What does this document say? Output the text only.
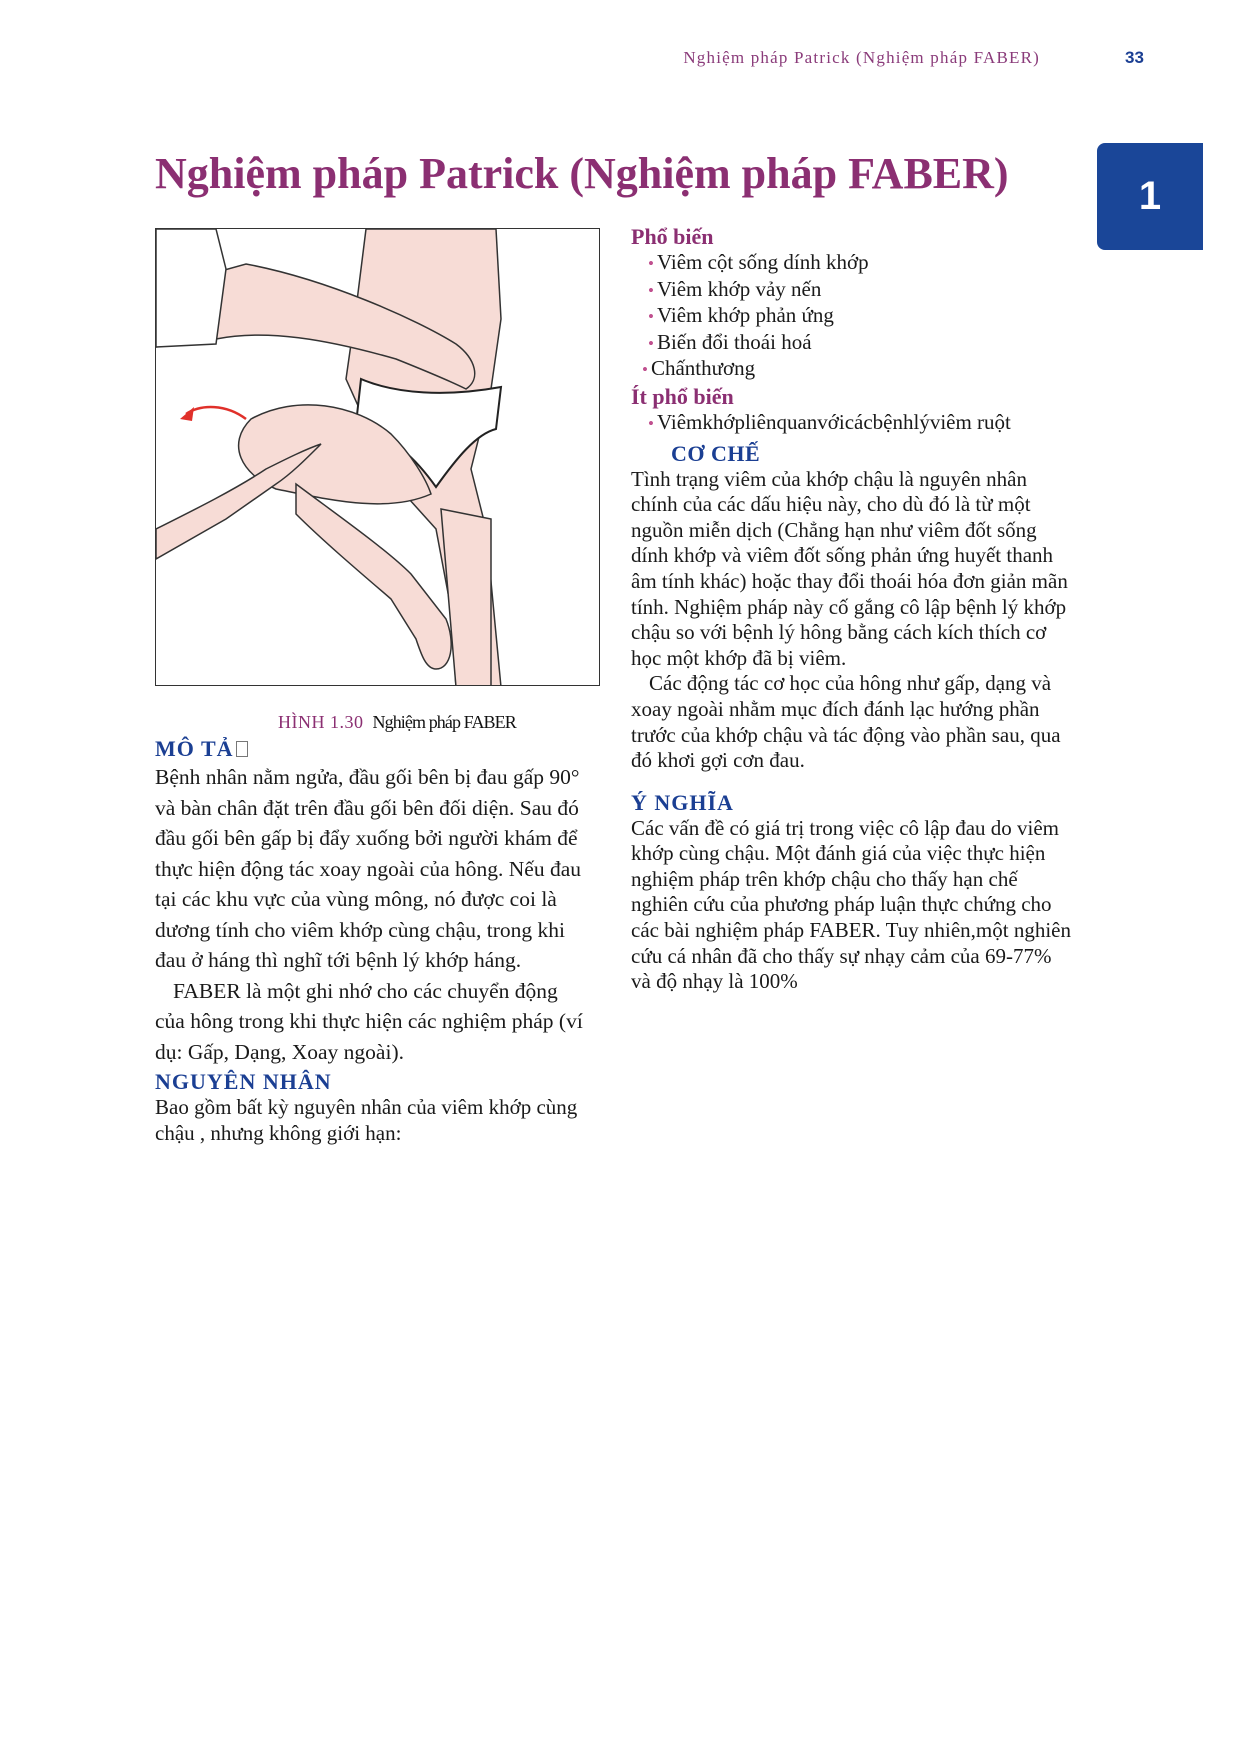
Nghiệm pháp Patrick (Nghiệm pháp FABER)	33
1
Nghiệm pháp Patrick (Nghiệm pháp FABER)
HÌNH 1.30 Nghiệm pháp FABER
MÔ TẢ

Bệnh nhân nằm ngửa, đầu gối bên bị đau gấp 90° và bàn chân đặt trên đầu gối bên đối diện. Sau đó đầu gối bên gấp bị đẩy xuống bởi người khám để thực hiện động tác xoay ngoài của hông. Nếu đau tại các khu vực của vùng mông, nó được coi là dương tính cho viêm khớp cùng chậu, trong khi đau ở háng thì nghĩ tới bệnh lý khớp háng.

FABER là một ghi nhớ cho các chuyển động của hông trong khi thực hiện các nghiệm pháp (ví dụ: Gấp, Dạng, Xoay ngoài).

NGUYÊN NHÂN

Bao gồm bất kỳ nguyên nhân của viêm khớp cùng chậu , nhưng không giới hạn:

Phổ biến
• Viêm cột sống dính khớp
• Viêm khớp vảy nến
• Viêm khớp phản ứng
• Biến đổi thoái hoá
• Chấnthương
Ít phổ biến
• Viêmkhớpliênquanvớicácbệnhlýviêm ruột
CƠ CHẾ

Tình trạng viêm của khớp chậu là nguyên nhân chính của các dấu hiệu này, cho dù đó là từ một nguồn miễn dịch (Chẳng hạn như viêm đốt sống dính khớp và viêm đốt sống phản ứng huyết thanh âm tính khác) hoặc thay đổi thoái hóa đơn giản mãn tính. Nghiệm pháp này cố gắng cô lập bệnh lý khớp chậu so với bệnh lý hông bằng cách kích thích cơ học một khớp đã bị viêm.

Các động tác cơ học của hông như gấp, dạng và xoay ngoài nhằm mục đích đánh lạc hướng phần trước của khớp chậu và tác động vào phần sau, qua đó khơi gợi cơn đau.

Ý NGHĨA

Các vấn đề có giá trị trong việc cô lập đau do viêm khớp cùng chậu. Một đánh giá của việc thực hiện nghiệm pháp trên khớp chậu cho thấy hạn chế nghiên cứu của phương pháp luận thực chứng cho các bài nghiệm pháp FABER. Tuy nhiên,một nghiên cứu cá nhân đã cho thấy sự nhạy cảm của 69-77% và độ nhạy là 100%
